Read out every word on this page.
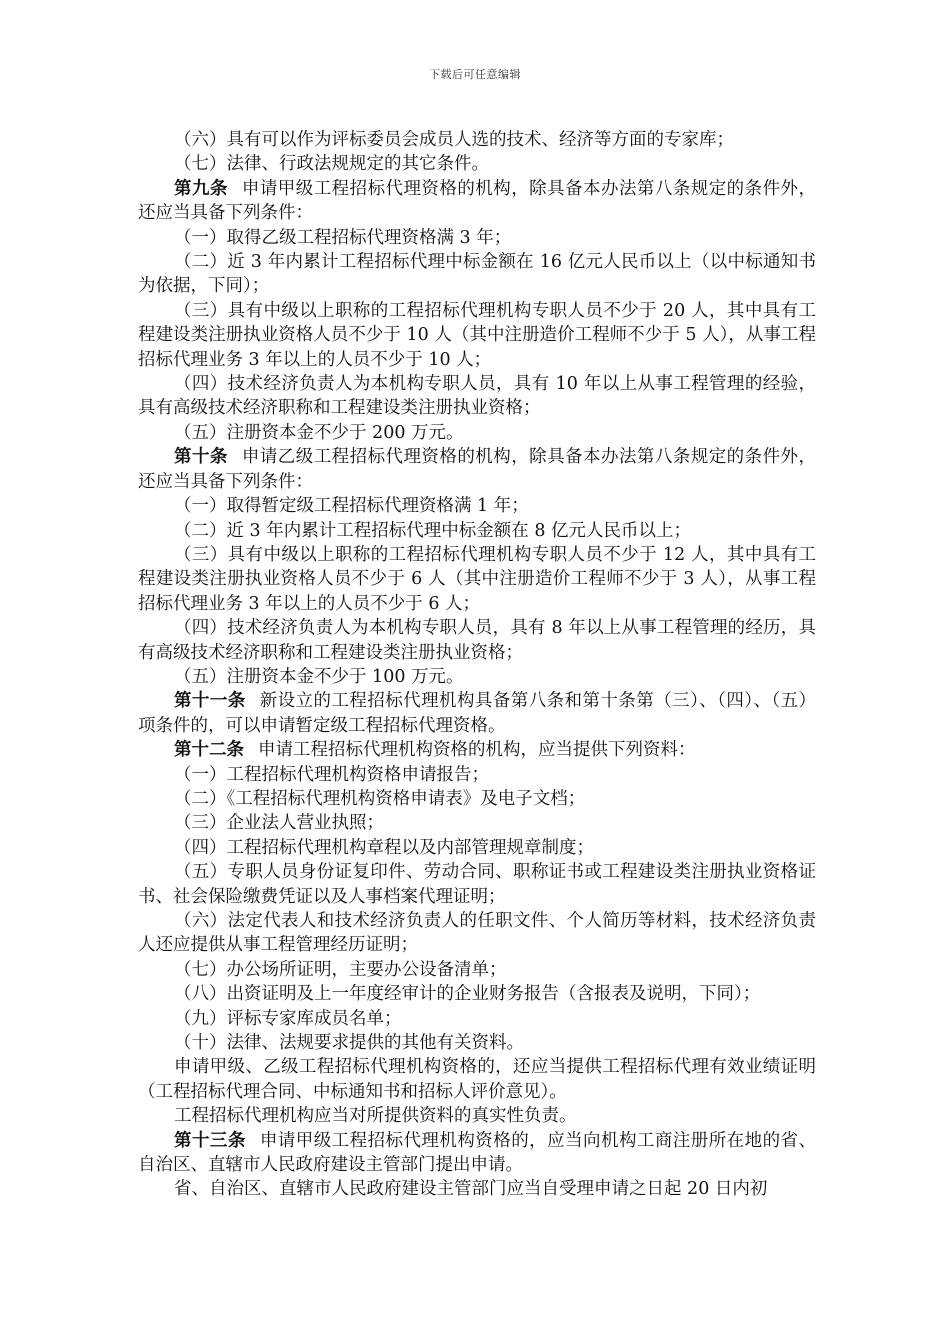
下载后可任意编辑

（六）具有可以作为评标委员会成员人选的技术、经济等方面的专家库；

（七）法律、行政法规规定的其它条件。

第九条 申请甲级工程招标代理资格的机构，除具备本办法第八条规定的条件外，还应当具备下列条件：

（一）取得乙级工程招标代理资格满 3 年；

（二）近 3 年内累计工程招标代理中标金额在 16 亿元人民币以上（以中标通知书为依据，下同）；

（三）具有中级以上职称的工程招标代理机构专职人员不少于 20 人，其中具有工程建设类注册执业资格人员不少于 10 人（其中注册造价工程师不少于 5 人），从事工程招标代理业务 3 年以上的人员不少于 10 人；

（四）技术经济负责人为本机构专职人员，具有 10 年以上从事工程管理的经验，具有高级技术经济职称和工程建设类注册执业资格；

（五）注册资本金不少于 200 万元。

第十条 申请乙级工程招标代理资格的机构，除具备本办法第八条规定的条件外，还应当具备下列条件：

（一）取得暂定级工程招标代理资格满 1 年；

（二）近 3 年内累计工程招标代理中标金额在 8 亿元人民币以上；

（三）具有中级以上职称的工程招标代理机构专职人员不少于 12 人，其中具有工程建设类注册执业资格人员不少于 6 人（其中注册造价工程师不少于 3 人），从事工程招标代理业务 3 年以上的人员不少于 6 人；

（四）技术经济负责人为本机构专职人员，具有 8 年以上从事工程管理的经历，具有高级技术经济职称和工程建设类注册执业资格；

（五）注册资本金不少于 100 万元。

第十一条 新设立的工程招标代理机构具备第八条和第十条第（三）、（四）、（五）项条件的，可以申请暂定级工程招标代理资格。

第十二条 申请工程招标代理机构资格的机构，应当提供下列资料：

（一）工程招标代理机构资格申请报告；

（二）《工程招标代理机构资格申请表》及电子文档；

（三）企业法人营业执照；

（四）工程招标代理机构章程以及内部管理规章制度；

（五）专职人员身份证复印件、劳动合同、职称证书或工程建设类注册执业资格证书、社会保险缴费凭证以及人事档案代理证明；

（六）法定代表人和技术经济负责人的任职文件、个人简历等材料，技术经济负责人还应提供从事工程管理经历证明；

（七）办公场所证明，主要办公设备清单；

（八）出资证明及上一年度经审计的企业财务报告（含报表及说明，下同）；

（九）评标专家库成员名单；

（十）法律、法规要求提供的其他有关资料。

申请甲级、乙级工程招标代理机构资格的，还应当提供工程招标代理有效业绩证明（工程招标代理合同、中标通知书和招标人评价意见）。

工程招标代理机构应当对所提供资料的真实性负责。

第十三条 申请甲级工程招标代理机构资格的，应当向机构工商注册所在地的省、自治区、直辖市人民政府建设主管部门提出申请。

省、自治区、直辖市人民政府建设主管部门应当自受理申请之日起 20 日内初
